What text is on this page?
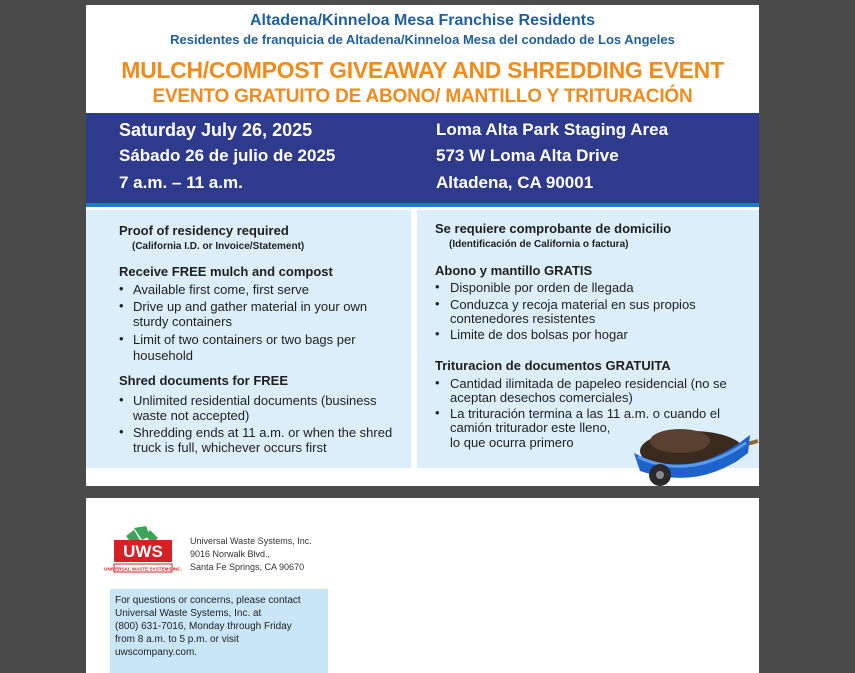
Altadena/Kinneloa Mesa Franchise Residents
Residentes de franquicia de Altadena/Kinneloa Mesa del condado de Los Angeles
MULCH/COMPOST GIVEAWAY AND SHREDDING EVENT
EVENTO GRATUITO DE ABONO/ MANTILLO Y TRITURACIÓN
Saturday July 26, 2025
Sábado 26 de julio de 2025
7 a.m. – 11 a.m.
Loma Alta Park Staging Area
573 W Loma Alta Drive
Altadena, CA 90001
Proof of residency required
(California I.D. or Invoice/Statement)
Receive FREE mulch and compost
• Available first come, first serve
• Drive up and gather material in your own
sturdy containers
• Limit of two containers or two bags per
household
Shred documents for FREE
• Unlimited residential documents (business
waste not accepted)
• Shredding ends at 11 a.m. or when the shred
truck is full, whichever occurs first
Se requiere comprobante de domicilio
(Identificación de California o factura)
Abono y mantillo GRATIS
• Disponible por orden de llegada
• Conduzca y recoja material en sus propios
contenedores resistentes
• Limite de dos bolsas por hogar
Trituracion de documentos GRATUITA
• Cantidad ilimitada de papeleo residencial (no se
aceptan desechos comerciales)
• La trituración termina a las 11 a.m. o cuando el
camión triturador este lleno,
lo que ocurra primero
UWS
UNIVERSAL WASTE SYSTEMS INC.
Universal Waste Systems, Inc.
9016 Norwalk Blvd.,
Santa Fe Springs, CA 90670
For questions or concerns, please contact
Universal Waste Systems, Inc. at
(800) 631-7016, Monday through Friday
from 8 a.m. to 5 p.m. or visit
uwscompany.com.
